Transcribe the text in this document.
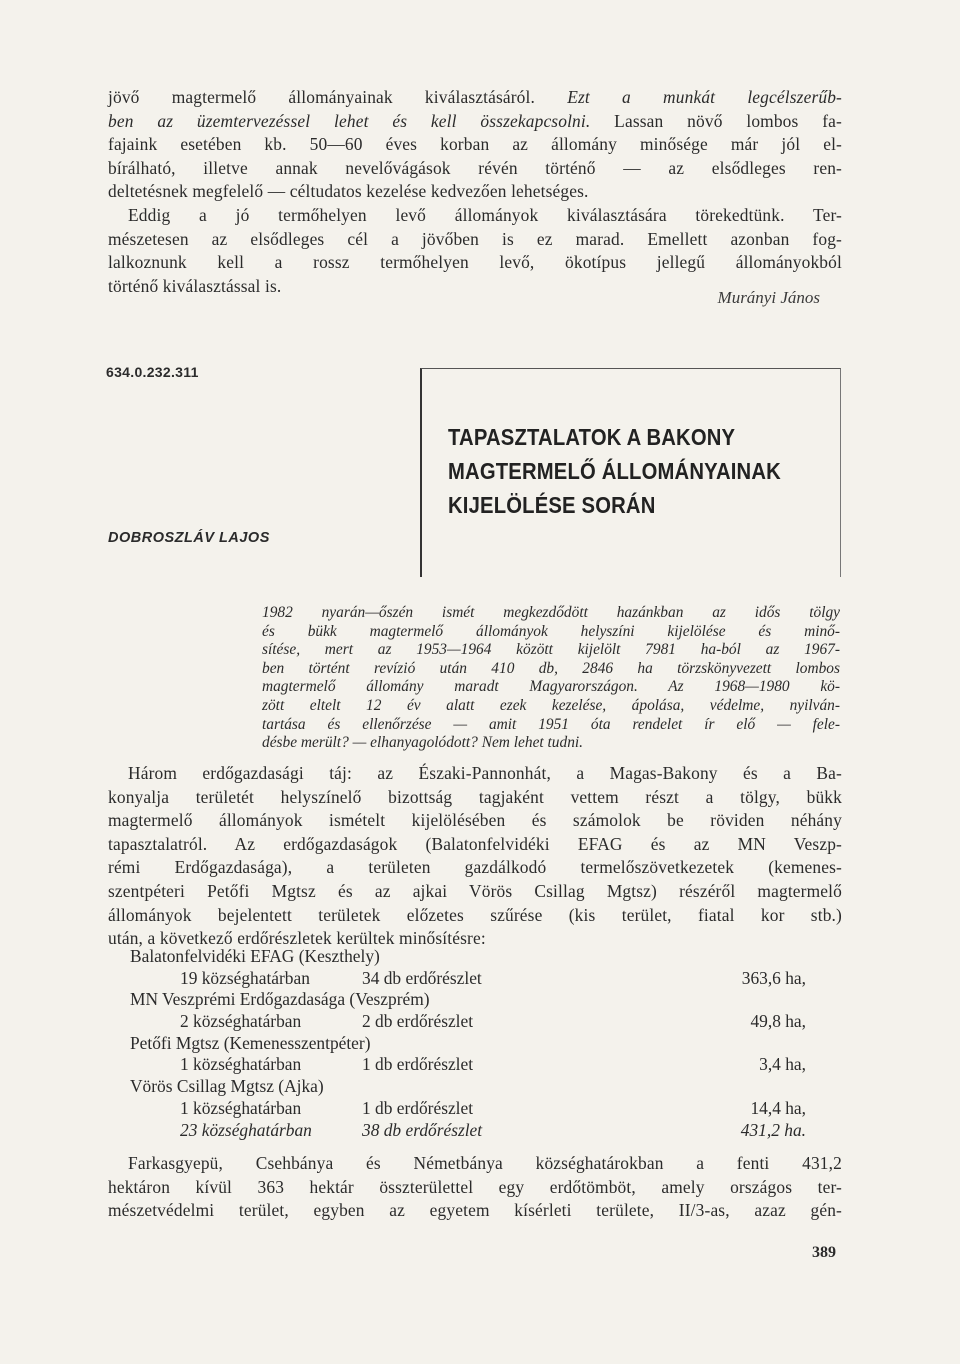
jövő magtermelő állományainak kiválasztásáról. Ezt a munkát legcélszerűb-
ben az üzemtervezéssel lehet és kell összekapcsolni. Lassan növő lombos fa-
fajaink esetében kb. 50—60 éves korban az állomány minősége már jól el-
bírálható, illetve annak nevelővágások révén történő — az elsődleges ren-
deltetésnek megfelelő — céltudatos kezelése kedvezően lehetséges.
Eddig a jó termőhelyen levő állományok kiválasztására törekedtünk. Ter-
mészetesen az elsődleges cél a jövőben is ez marad. Emellett azonban fog-
lalkoznunk kell a rossz termőhelyen levő, ökotípus jellegű állományokból
történő kiválasztással is.
Murányi János
634.0.232.311
TAPASZTALATOK A BAKONY
MAGTERMELŐ ÁLLOMÁNYAINAK
KIJELÖLÉSE SORÁN
DOBROSZLÁV LAJOS
1982 nyarán—őszén ismét megkezdődött hazánkban az idős tölgy
és bükk magtermelő állományok helyszíni kijelölése és minő-
sítése, mert az 1953—1964 között kijelölt 7981 ha-ból az 1967-
ben történt revízió után 410 db, 2846 ha törzskönyvezett lombos
magtermelő állomány maradt Magyarországon. Az 1968—1980 kö-
zött eltelt 12 év alatt ezek kezelése, ápolása, védelme, nyilván-
tartása és ellenőrzése — amit 1951 óta rendelet ír elő — fele-
désbe merült? — elhanyagolódott? Nem lehet tudni.
Három erdőgazdasági táj: az Északi-Pannonhát, a Magas-Bakony és a Ba-
konyalja területét helyszínelő bizottság tagjaként vettem részt a tölgy, bükk
magtermelő állományok ismételt kijelölésében és számolok be röviden néhány
tapasztalatról. Az erdőgazdaságok (Balatonfelvidéki EFAG és az MN Veszp-
rémi Erdőgazdasága), a területen gazdálkodó termelőszövetkezetek (kemenes-
szentpéteri Petőfi Mgtsz és az ajkai Vörös Csillag Mgtsz) részéről magtermelő
állományok bejelentett területek előzetes szűrése (kis terület, fiatal kor stb.)
után, a következő erdőrészletek kerültek minősítésre:
Balatonfelvidéki EFAG (Keszthely)
19 községhatárban	34 db erdőrészlet	363,6 ha,
MN Veszprémi Erdőgazdasága (Veszprém)
2 községhatárban	2 db erdőrészlet	49,8 ha,
Petőfi Mgtsz (Kemenesszentpéter)
1 községhatárban	1 db erdőrészlet	3,4 ha,
Vörös Csillag Mgtsz (Ajka)
1 községhatárban	1 db erdőrészlet	14,4 ha,
23 községhatárban	38 db erdőrészlet	431,2 ha.
Farkasgyepü, Csehbánya és Németbánya községhatárokban a fenti 431,2
hektáron kívül 363 hektár összterülettel egy erdőtömböt, amely országos ter-
mészetvédelmi terület, egyben az egyetem kísérleti területe, II/3-as, azaz gén-
389
